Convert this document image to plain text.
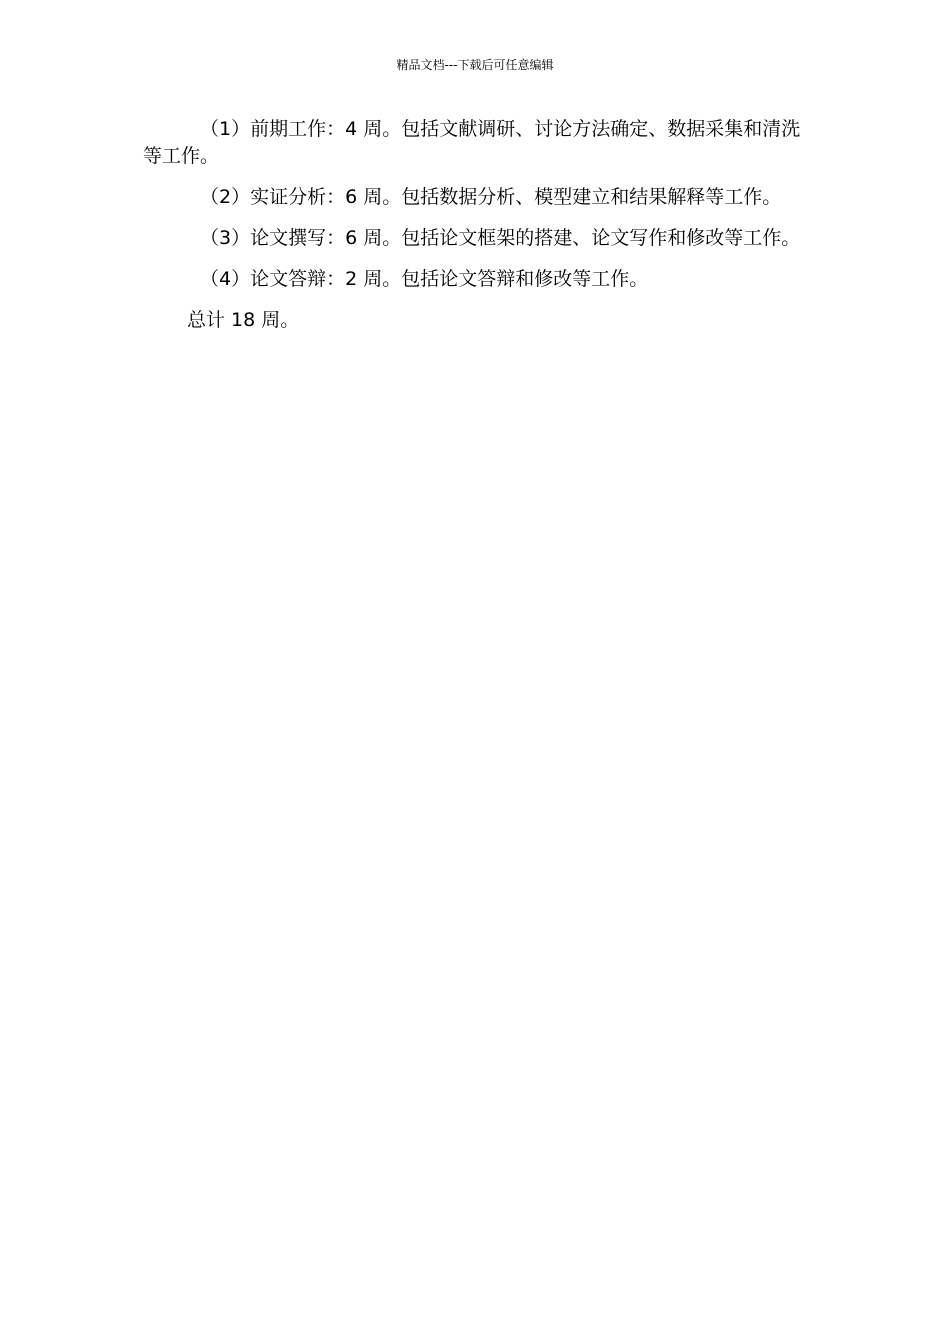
精品文档---下载后可任意编辑

（1）前期工作：4 周。包括文献调研、讨论方法确定、数据采集和清洗等工作。

（2）实证分析：6 周。包括数据分析、模型建立和结果解释等工作。

（3）论文撰写：6 周。包括论文框架的搭建、论文写作和修改等工作。

（4）论文答辩：2 周。包括论文答辩和修改等工作。

总计 18 周。
